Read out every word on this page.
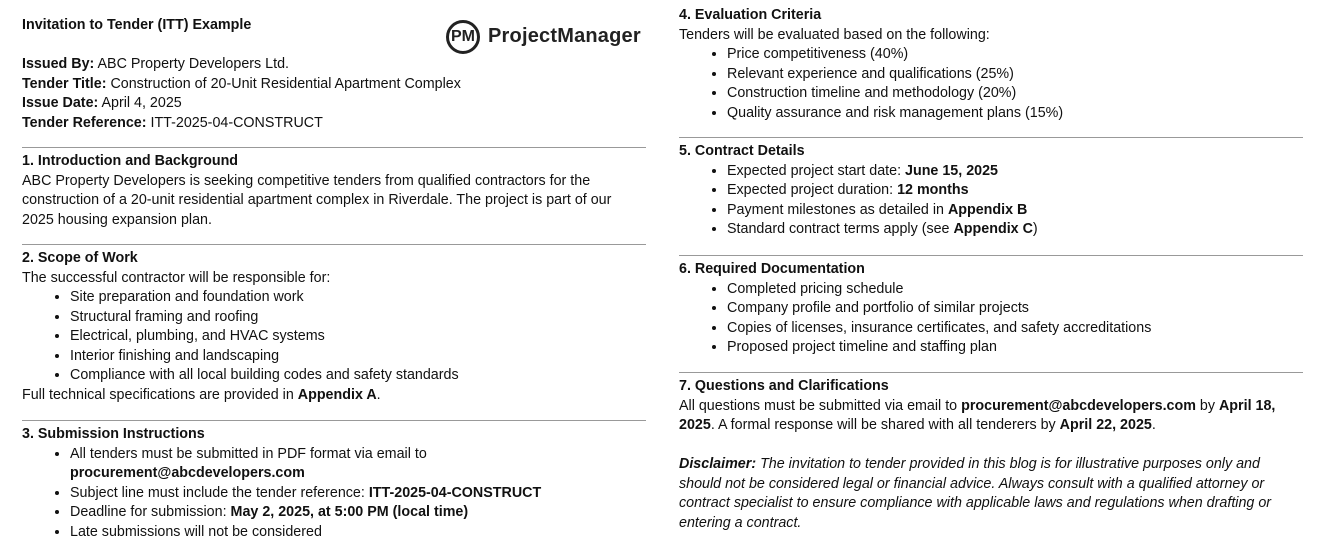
Invitation to Tender (ITT) Example
PM ProjectManager
Issued By: ABC Property Developers Ltd.
Tender Title: Construction of 20-Unit Residential Apartment Complex
Issue Date: April 4, 2025
Tender Reference: ITT-2025-04-CONSTRUCT
1. Introduction and Background

ABC Property Developers is seeking competitive tenders from qualified contractors for the construction of a 20-unit residential apartment complex in Riverdale. The project is part of our 2025 housing expansion plan.

2. Scope of Work

The successful contractor will be responsible for:

• Site preparation and foundation work
• Structural framing and roofing
• Electrical, plumbing, and HVAC systems
• Interior finishing and landscaping
• Compliance with all local building codes and safety standards

Full technical specifications are provided in Appendix A.

3. Submission Instructions
• All tenders must be submitted in PDF format via email to
procurement@abcdevelopers.com
• Subject line must include the tender reference: ITT-2025-04-CONSTRUCT
• Deadline for submission: May 2, 2025, at 5:00 PM (local time)
• Late submissions will not be considered
4. Evaluation Criteria

Tenders will be evaluated based on the following:

• Price competitiveness (40%)
• Relevant experience and qualifications (25%)
• Construction timeline and methodology (20%)
• Quality assurance and risk management plans (15%)
5. Contract Details
• Expected project start date: June 15, 2025
• Expected project duration: 12 months
• Payment milestones as detailed in Appendix B
• Standard contract terms apply (see Appendix C)
6. Required Documentation
• Completed pricing schedule
• Company profile and portfolio of similar projects
• Copies of licenses, insurance certificates, and safety accreditations
• Proposed project timeline and staffing plan
7. Questions and Clarifications

All questions must be submitted via email to procurement@abcdevelopers.com by April 18, 2025. A formal response will be shared with all tenderers by April 22, 2025.

Disclaimer: The invitation to tender provided in this blog is for illustrative purposes only and should not be considered legal or financial advice. Always consult with a qualified attorney or contract specialist to ensure compliance with applicable laws and regulations when drafting or entering a contract.
